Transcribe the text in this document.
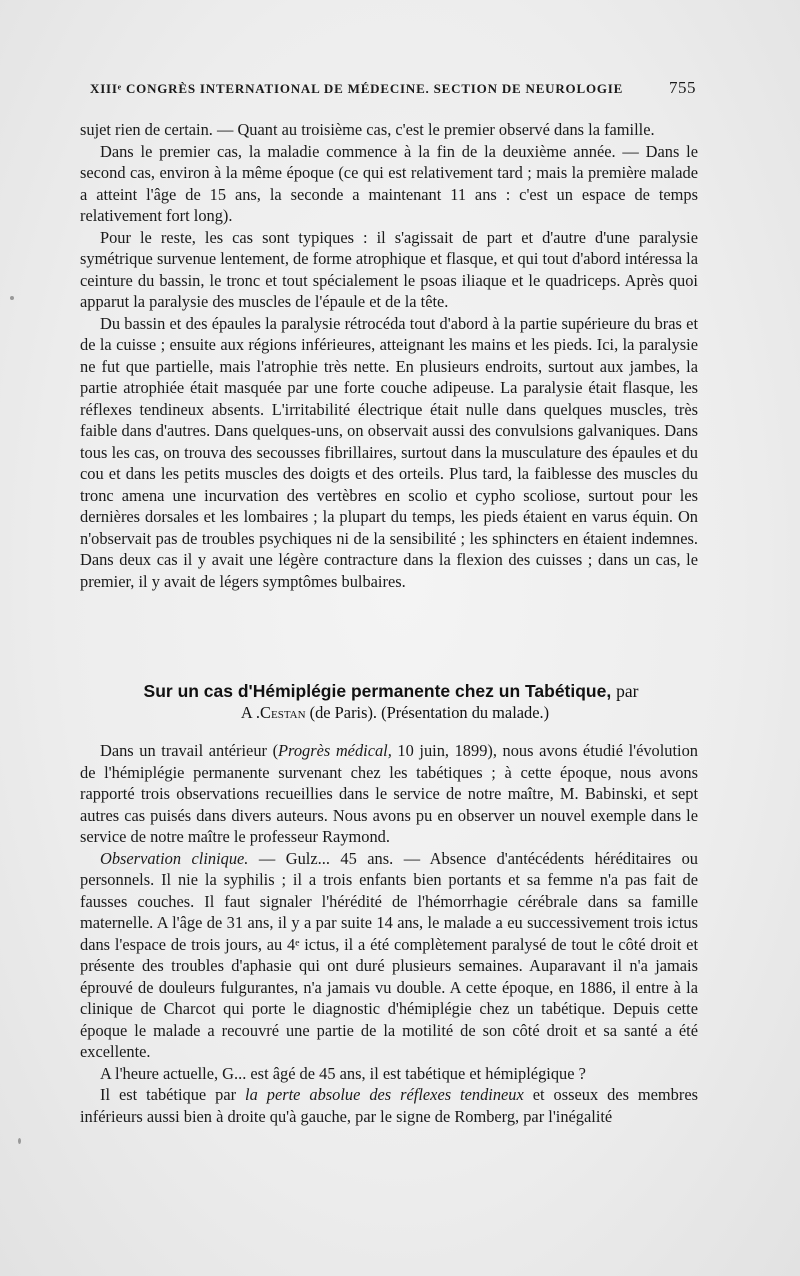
XIIIᵉ CONGRÈS INTERNATIONAL DE MÉDECINE. SECTION DE NEUROLOGIE	755

sujet rien de certain. — Quant au troisième cas, c'est le premier observé dans la famille.

Dans le premier cas, la maladie commence à la fin de la deuxième année. — Dans le second cas, environ à la même époque (ce qui est relativement tard ; mais la première malade a atteint l'âge de 15 ans, la seconde a maintenant 11 ans : c'est un espace de temps relativement fort long).

Pour le reste, les cas sont typiques : il s'agissait de part et d'autre d'une paralysie symétrique survenue lentement, de forme atrophique et flasque, et qui tout d'abord intéressa la ceinture du bassin, le tronc et tout spécialement le psoas iliaque et le quadriceps. Après quoi apparut la paralysie des muscles de l'épaule et de la tête.

Du bassin et des épaules la paralysie rétrocéda tout d'abord à la partie supérieure du bras et de la cuisse ; ensuite aux régions inférieures, atteignant les mains et les pieds. Ici, la paralysie ne fut que partielle, mais l'atrophie très nette. En plusieurs endroits, surtout aux jambes, la partie atrophiée était masquée par une forte couche adipeuse. La paralysie était flasque, les réflexes tendineux absents. L'irritabilité électrique était nulle dans quelques muscles, très faible dans d'autres. Dans quelques-uns, on observait aussi des convulsions galvaniques. Dans tous les cas, on trouva des secousses fibrillaires, surtout dans la musculature des épaules et du cou et dans les petits muscles des doigts et des orteils. Plus tard, la faiblesse des muscles du tronc amena une incurvation des vertèbres en scolio et cypho scoliose, surtout pour les dernières dorsales et les lombaires ; la plupart du temps, les pieds étaient en varus équin. On n'observait pas de troubles psychiques ni de la sensibilité ; les sphincters en étaient indemnes. Dans deux cas il y avait une légère contracture dans la flexion des cuisses ; dans un cas, le premier, il y avait de légers symptômes bulbaires.

Sur un cas d'Hémiplégie permanente chez un Tabétique, par
A .Cestan (de Paris). (Présentation du malade.)

Dans un travail antérieur (Progrès médical, 10 juin, 1899), nous avons étudié l'évolution de l'hémiplégie permanente survenant chez les tabétiques ; à cette époque, nous avons rapporté trois observations recueillies dans le service de notre maître, M. Babinski, et sept autres cas puisés dans divers auteurs. Nous avons pu en observer un nouvel exemple dans le service de notre maître le professeur Raymond.

Observation clinique. — Gulz... 45 ans. — Absence d'antécédents héréditaires ou personnels. Il nie la syphilis ; il a trois enfants bien portants et sa femme n'a pas fait de fausses couches. Il faut signaler l'hérédité de l'hémorrhagie cérébrale dans sa famille maternelle. A l'âge de 31 ans, il y a par suite 14 ans, le malade a eu successivement trois ictus dans l'espace de trois jours, au 4ᵉ ictus, il a été complètement paralysé de tout le côté droit et présente des troubles d'aphasie qui ont duré plusieurs semaines. Auparavant il n'a jamais éprouvé de douleurs fulgurantes, n'a jamais vu double. A cette époque, en 1886, il entre à la clinique de Charcot qui porte le diagnostic d'hémiplégie chez un tabétique. Depuis cette époque le malade a recouvré une partie de la motilité de son côté droit et sa santé a été excellente.

A l'heure actuelle, G... est âgé de 45 ans, il est tabétique et hémiplégique ?

Il est tabétique par la perte absolue des réflexes tendineux et osseux des membres inférieurs aussi bien à droite qu'à gauche, par le signe de Romberg, par l'inégalité
